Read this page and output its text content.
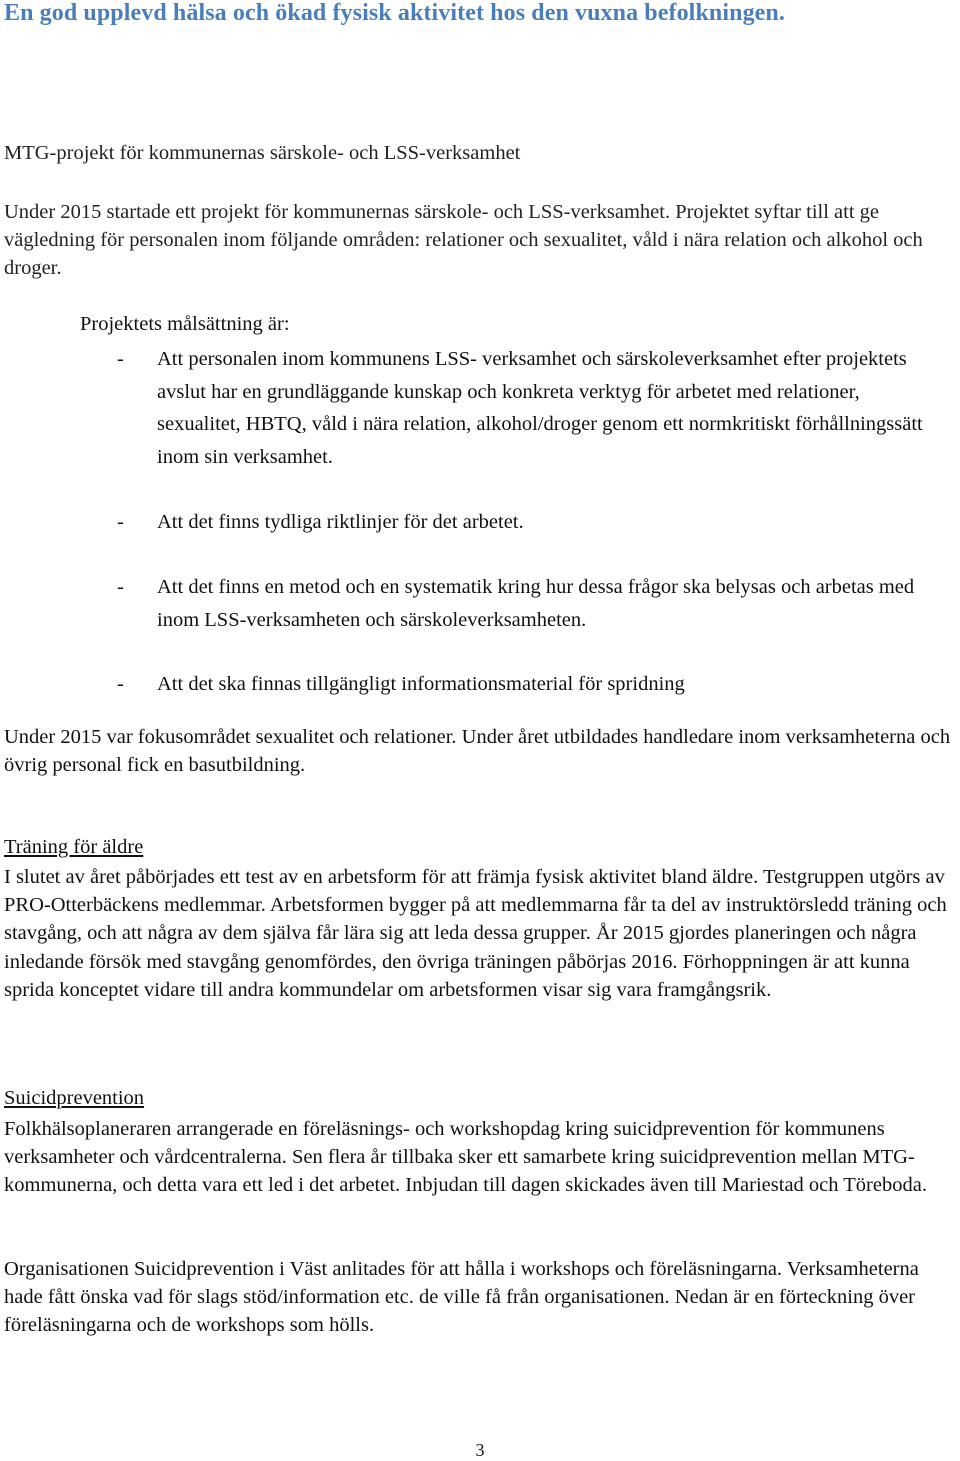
En god upplevd hälsa och ökad fysisk aktivitet hos den vuxna befolkningen.
MTG-projekt för kommunernas särskole- och LSS-verksamhet
Under 2015 startade ett projekt för kommunernas särskole- och LSS-verksamhet. Projektet syftar till att ge vägledning för personalen inom följande områden: relationer och sexualitet, våld i nära relation och alkohol och droger.
Projektets målsättning är:
- Att personalen inom kommunens LSS- verksamhet och särskoleverksamhet efter projektets avslut har en grundläggande kunskap och konkreta verktyg för arbetet med relationer, sexualitet, HBTQ, våld i nära relation, alkohol/droger genom ett normkritiskt förhållningssätt inom sin verksamhet.
- Att det finns tydliga riktlinjer för det arbetet.
- Att det finns en metod och en systematik kring hur dessa frågor ska belysas och arbetas med inom LSS-verksamheten och särskoleverksamheten.
- Att det ska finnas tillgängligt informationsmaterial för spridning
Under 2015 var fokusområdet sexualitet och relationer. Under året utbildades handledare inom verksamheterna och övrig personal fick en basutbildning.
Träning för äldre
I slutet av året påbörjades ett test av en arbetsform för att främja fysisk aktivitet bland äldre. Testgruppen utgörs av PRO-Otterbäckens medlemmar. Arbetsformen bygger på att medlemmarna får ta del av instruktörsledd träning och stavgång, och att några av dem själva får lära sig att leda dessa grupper. År 2015 gjordes planeringen och några inledande försök med stavgång genomfördes, den övriga träningen påbörjas 2016. Förhoppningen är att kunna sprida konceptet vidare till andra kommundelar om arbetsformen visar sig vara framgångsrik.
Suicidprevention
Folkhälsoplaneraren arrangerade en föreläsnings- och workshopdag kring suicidprevention för kommunens verksamheter och vårdcentralerna. Sen flera år tillbaka sker ett samarbete kring suicidprevention mellan MTG-kommunerna, och detta vara ett led i det arbetet. Inbjudan till dagen skickades även till Mariestad och Töreboda.
Organisationen Suicidprevention i Väst anlitades för att hålla i workshops och föreläsningarna. Verksamheterna hade fått önska vad för slags stöd/information etc. de ville få från organisationen. Nedan är en förteckning över föreläsningarna och de workshops som hölls.
3
